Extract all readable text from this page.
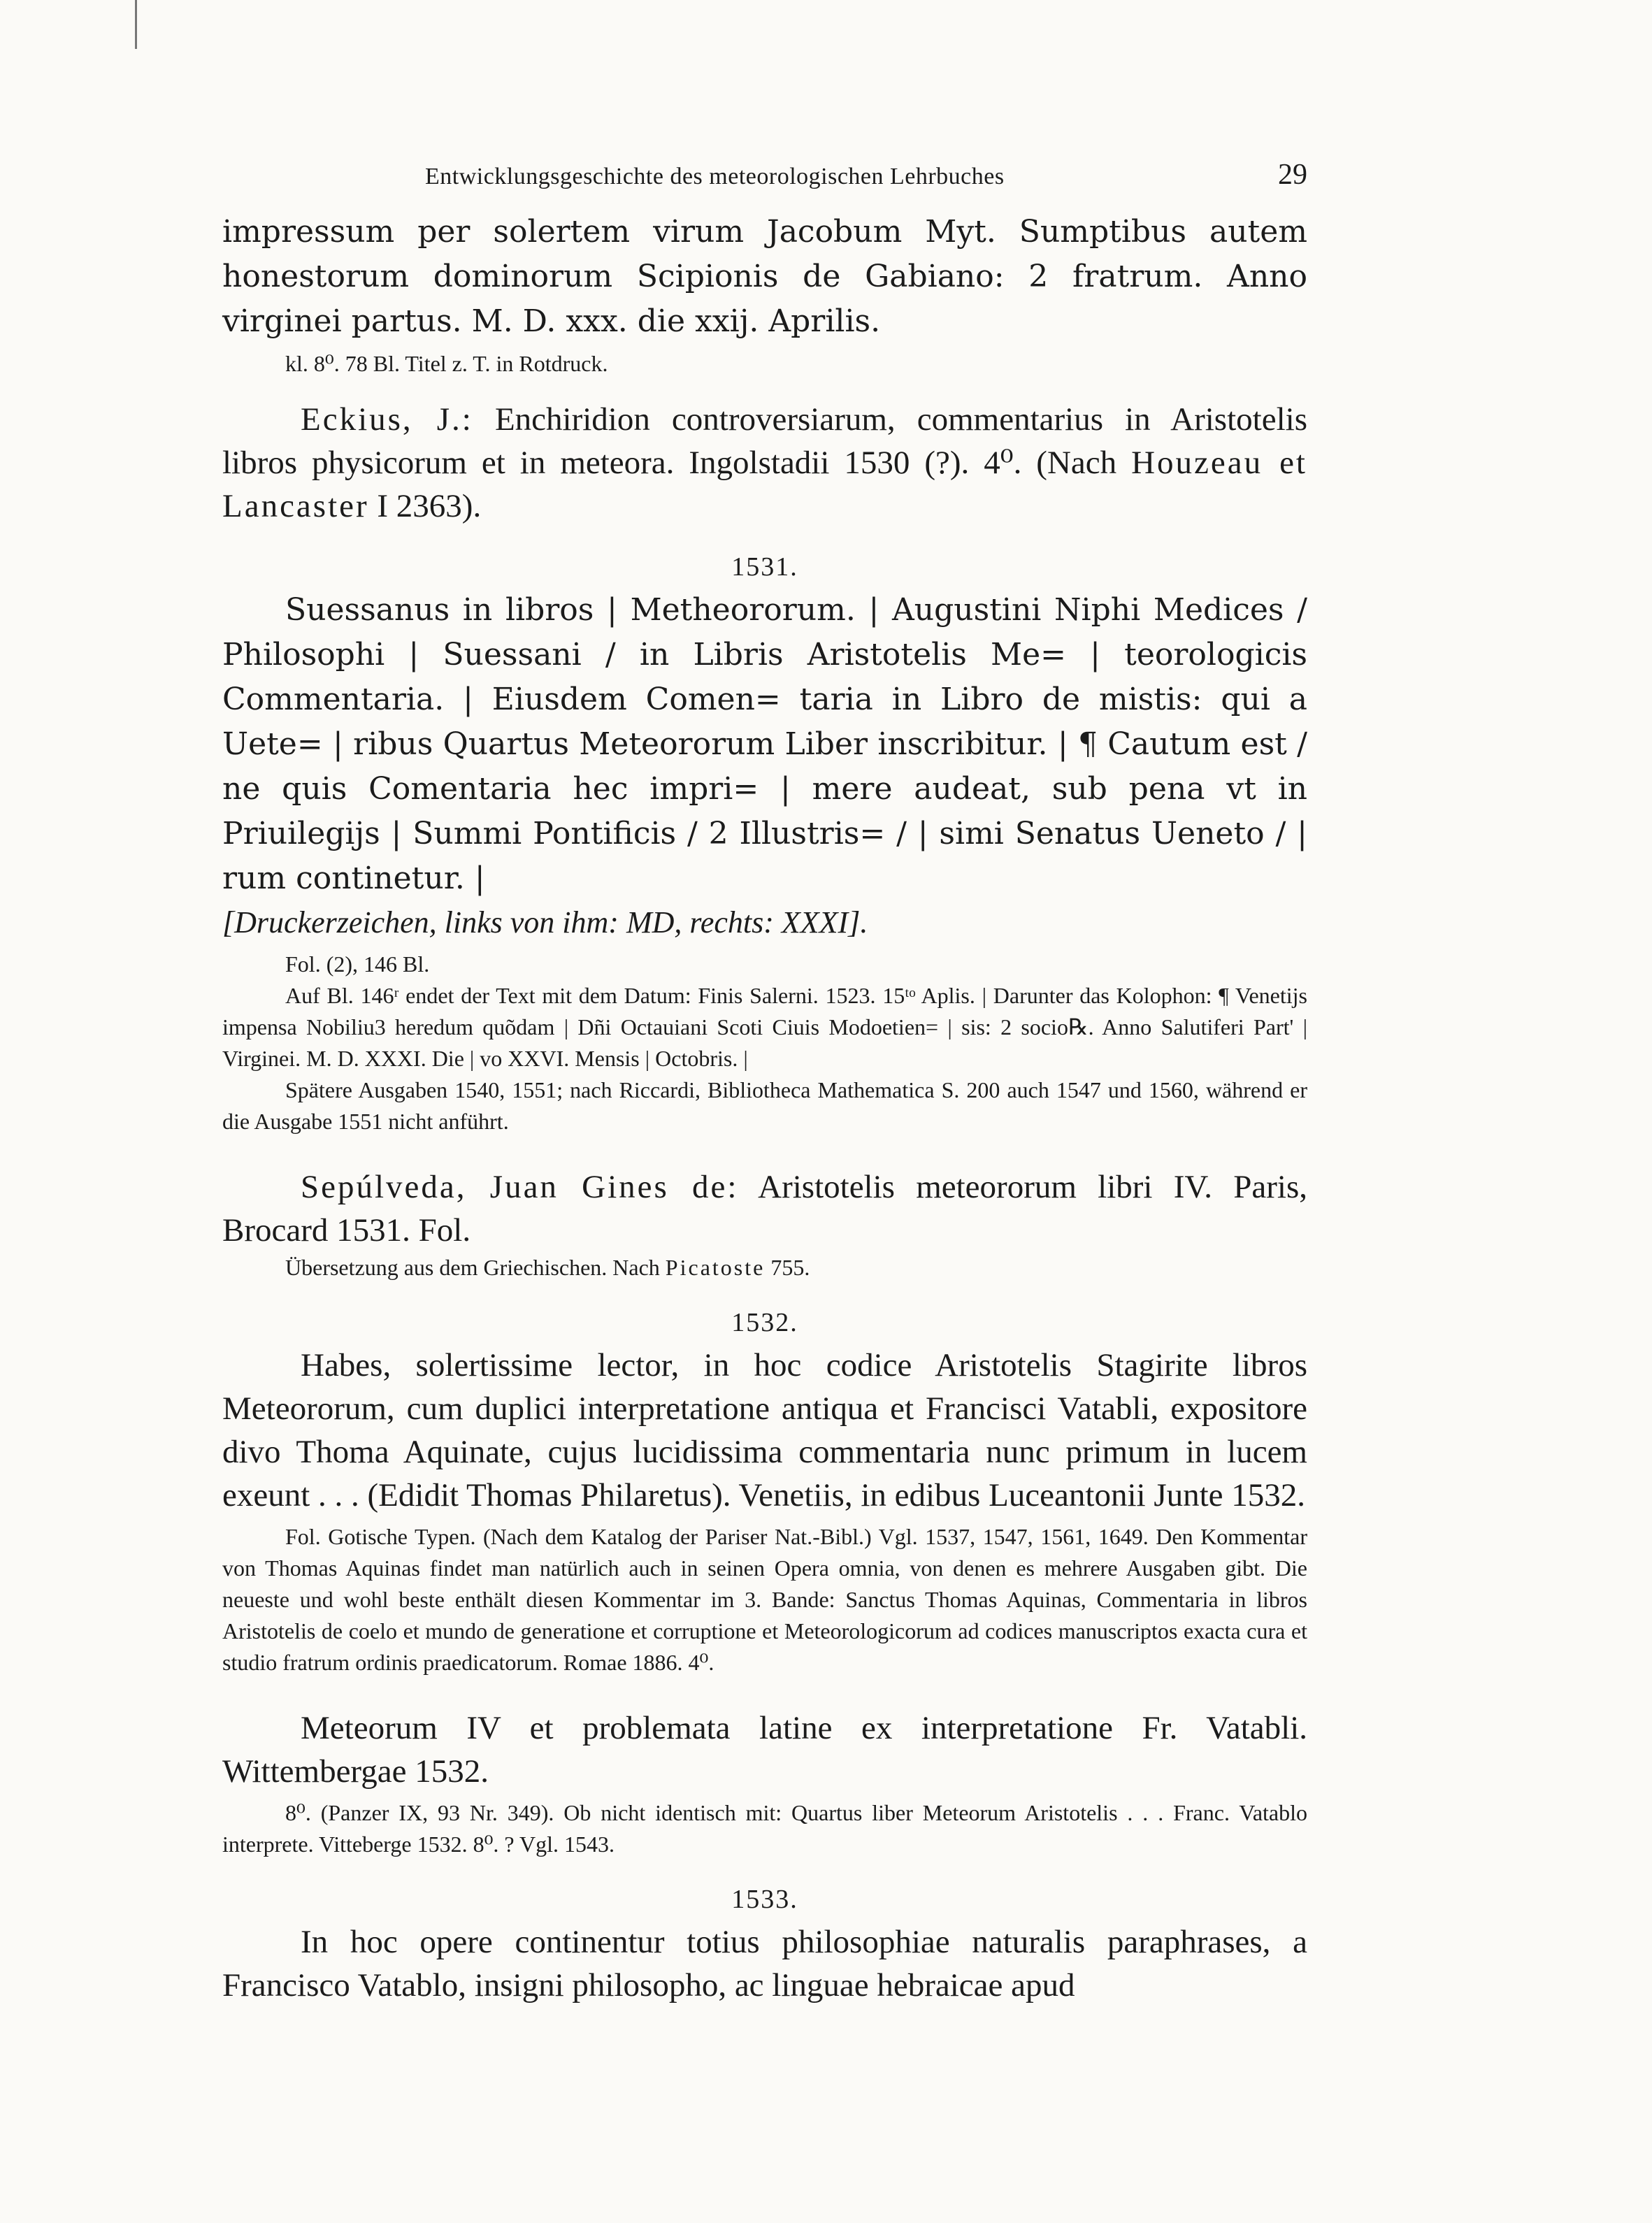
Entwicklungsgeschichte des meteorologischen Lehrbuches	29

impressum per solertem virum Jacobum Myt. Sumptibus autem honestorum dominorum Scipionis de Gabiano: 2 fratrum. Anno virginei partus. M. D. xxx. die xxij. Aprilis.

kl. 8⁰. 78 Bl. Titel z. T. in Rotdruck.

Eckius, J.: Enchiridion controversiarum, commentarius in Aristotelis libros physicorum et in meteora. Ingolstadii 1530 (?). 4⁰. (Nach Houzeau et Lancaster I 2363).

1531.

Suessanus in libros | Metheororum. | Augustini Niphi Medices / Philosophi | Suessani / in Libris Aristotelis Me= | teorologicis Commentaria. | Eiusdem Comen= taria in Libro de mistis: qui a Uete= | ribus Quartus Meteororum Liber inscribitur. | ¶ Cautum est / ne quis Comentaria hec impri= | mere audeat, sub pena vt in Priuilegijs | Summi Pontificis / 2 Illustris= / | simi Senatus Ueneto / | rum continetur. |

[Druckerzeichen, links von ihm: MD, rechts: XXXI].

Fol. (2), 146 Bl.

Auf Bl. 146ʳ endet der Text mit dem Datum: Finis Salerni. 1523. 15ᵗᵒ Aplis. | Darunter das Kolophon: ¶ Venetijs impensa Nobiliu3 heredum quõdam | Dñi Octauiani Scoti Ciuis Modoetien= | sis: 2 socio℞. Anno Salutiferi Part' | Virginei. M. D. XXXI. Die | vo XXVI. Mensis | Octobris. |

Spätere Ausgaben 1540, 1551; nach Riccardi, Bibliotheca Mathematica S. 200 auch 1547 und 1560, während er die Ausgabe 1551 nicht anführt.

Sepúlveda, Juan Gines de: Aristotelis meteororum libri IV. Paris, Brocard 1531. Fol.

Übersetzung aus dem Griechischen. Nach Picatoste 755.

1532.

Habes, solertissime lector, in hoc codice Aristotelis Stagirite libros Meteororum, cum duplici interpretatione antiqua et Francisci Vatabli, expositore divo Thoma Aquinate, cujus lucidissima commentaria nunc primum in lucem exeunt . . . (Edidit Thomas Philaretus). Venetiis, in edibus Luceantonii Junte 1532.

Fol. Gotische Typen. (Nach dem Katalog der Pariser Nat.-Bibl.) Vgl. 1537, 1547, 1561, 1649. Den Kommentar von Thomas Aquinas findet man natürlich auch in seinen Opera omnia, von denen es mehrere Ausgaben gibt. Die neueste und wohl beste enthält diesen Kommentar im 3. Bande: Sanctus Thomas Aquinas, Commentaria in libros Aristotelis de coelo et mundo de generatione et corruptione et Meteorologicorum ad codices manuscriptos exacta cura et studio fratrum ordinis praedicatorum. Romae 1886. 4⁰.

Meteorum IV et problemata latine ex interpretatione Fr. Vatabli. Wittembergae 1532.

8⁰. (Panzer IX, 93 Nr. 349). Ob nicht identisch mit: Quartus liber Meteorum Aristotelis . . . Franc. Vatablo interprete. Vitteberge 1532. 8⁰. ? Vgl. 1543.

1533.

In hoc opere continentur totius philosophiae naturalis paraphrases, a Francisco Vatablo, insigni philosopho, ac linguae hebraicae apud
